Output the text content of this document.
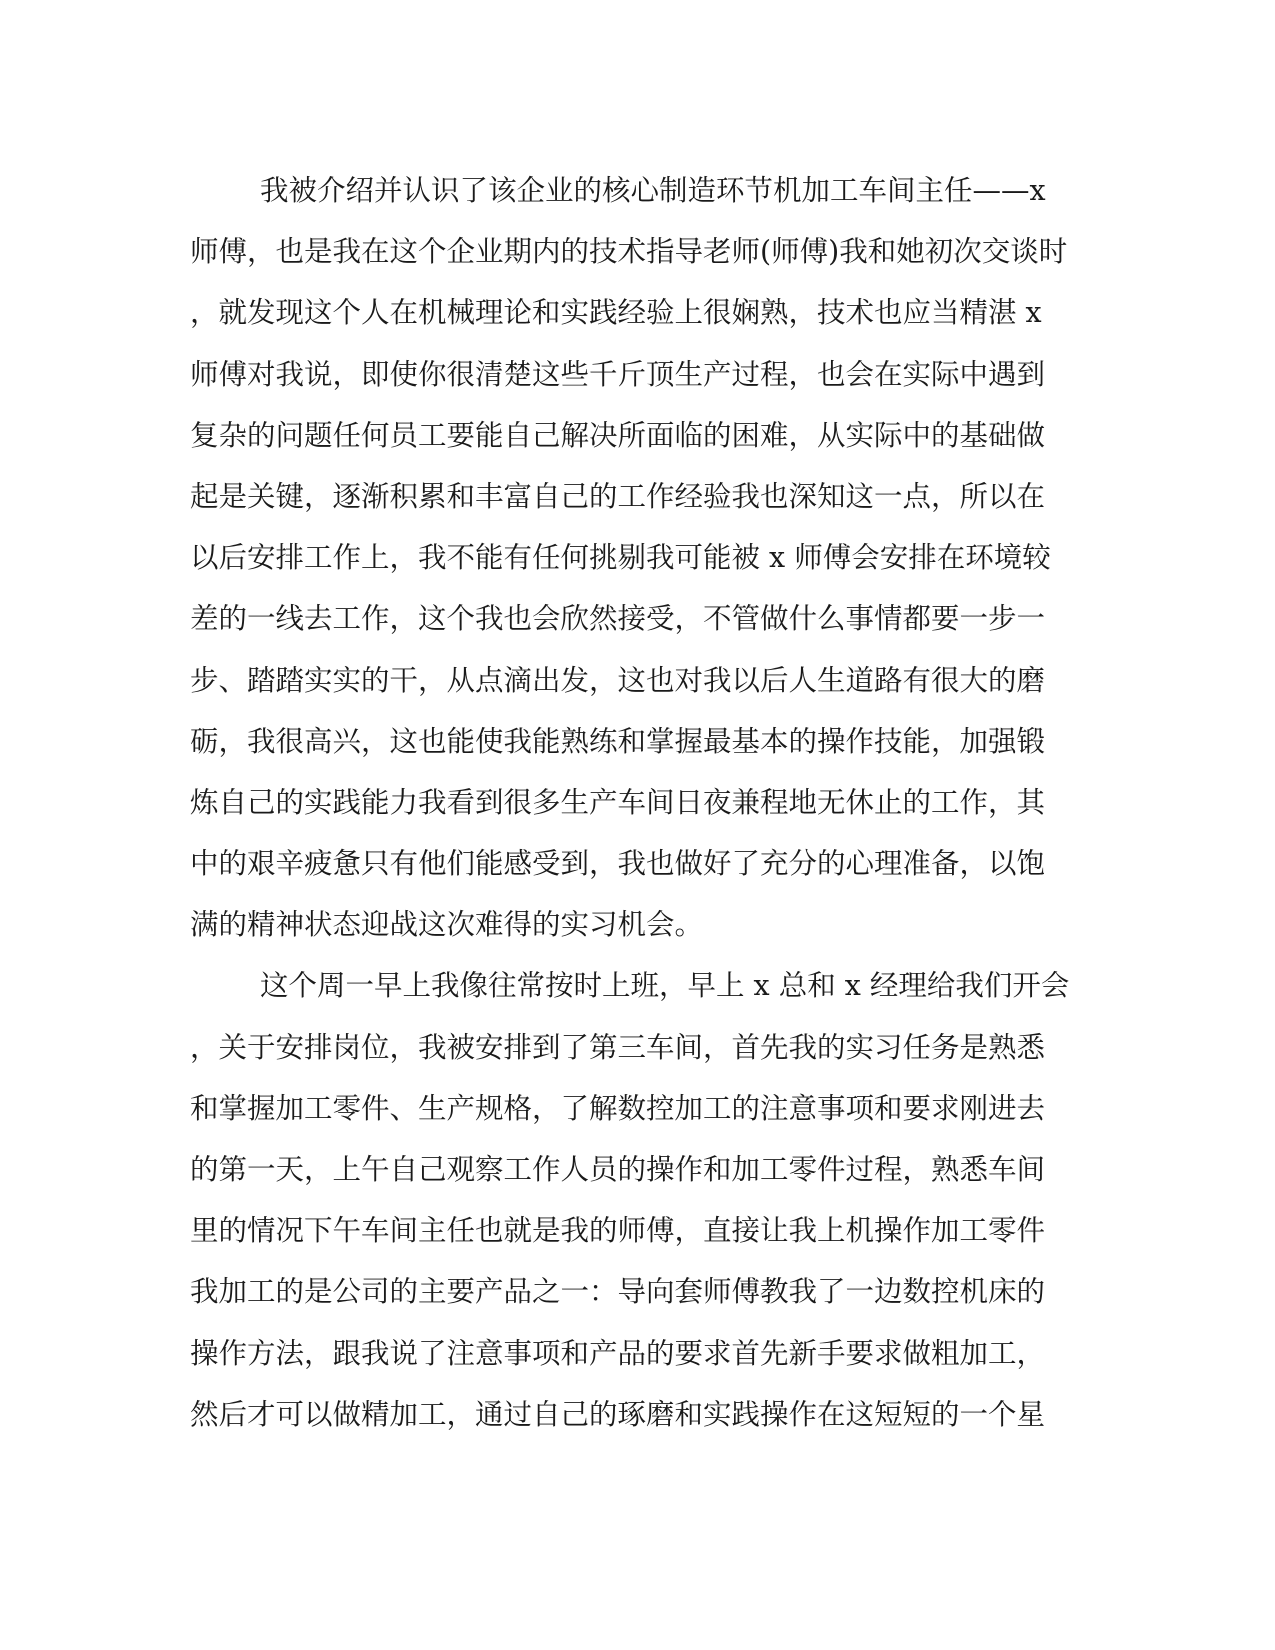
我被介绍并认识了该企业的核心制造环节机加工车间主任——x
师傅，也是我在这个企业期内的技术指导老师(师傅)我和她初次交谈时
，就发现这个人在机械理论和实践经验上很娴熟，技术也应当精湛 x
师傅对我说，即使你很清楚这些千斤顶生产过程，也会在实际中遇到
复杂的问题任何员工要能自己解决所面临的困难，从实际中的基础做
起是关键，逐渐积累和丰富自己的工作经验我也深知这一点，所以在
以后安排工作上，我不能有任何挑剔我可能被 x 师傅会安排在环境较
差的一线去工作，这个我也会欣然接受，不管做什么事情都要一步一
步、踏踏实实的干，从点滴出发，这也对我以后人生道路有很大的磨
砺，我很高兴，这也能使我能熟练和掌握最基本的操作技能，加强锻
炼自己的实践能力我看到很多生产车间日夜兼程地无休止的工作，其
中的艰辛疲惫只有他们能感受到，我也做好了充分的心理准备，以饱
满的精神状态迎战这次难得的实习机会。
这个周一早上我像往常按时上班，早上 x 总和 x 经理给我们开会
，关于安排岗位，我被安排到了第三车间，首先我的实习任务是熟悉
和掌握加工零件、生产规格，了解数控加工的注意事项和要求刚进去
的第一天，上午自己观察工作人员的操作和加工零件过程，熟悉车间
里的情况下午车间主任也就是我的师傅，直接让我上机操作加工零件
我加工的是公司的主要产品之一：导向套师傅教我了一边数控机床的
操作方法，跟我说了注意事项和产品的要求首先新手要求做粗加工，
然后才可以做精加工，通过自己的琢磨和实践操作在这短短的一个星
